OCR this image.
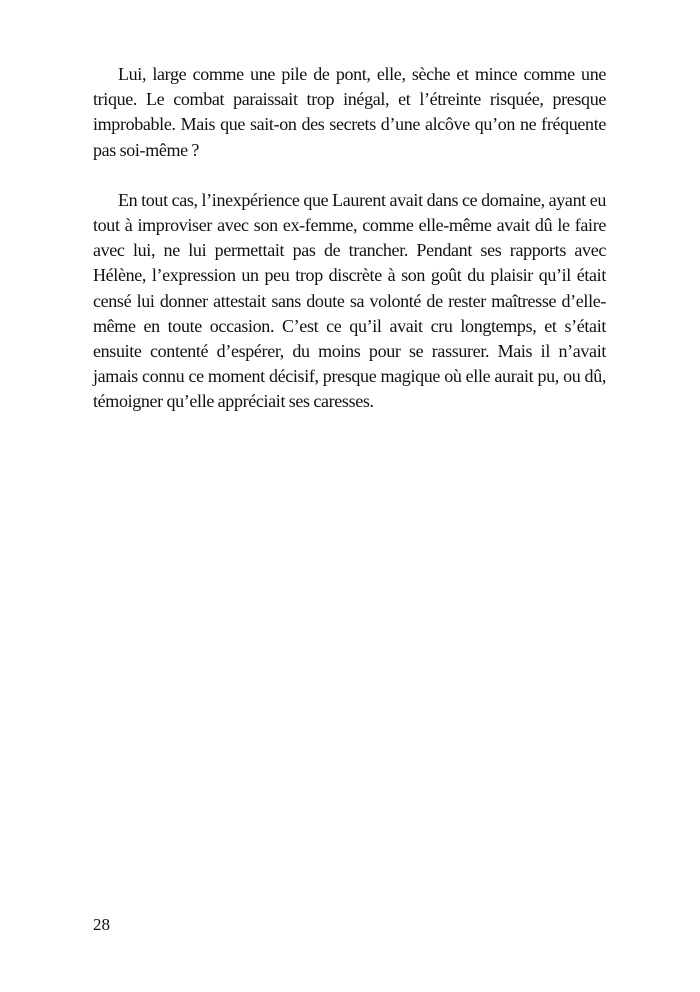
Lui, large comme une pile de pont, elle, sèche et mince comme une trique. Le combat paraissait trop inégal, et l’étreinte risquée, presque improbable. Mais que sait-on des secrets d’une alcôve qu’on ne fréquente pas soi-même ?

En tout cas, l’inexpérience que Laurent avait dans ce domaine, ayant eu tout à improviser avec son ex-femme, comme elle-même avait dû le faire avec lui, ne lui permettait pas de trancher. Pendant ses rapports avec Hélène, l’expression un peu trop discrète à son goût du plaisir qu’il était censé lui donner attestait sans doute sa volonté de rester maîtresse d’elle-même en toute occasion. C’est ce qu’il avait cru longtemps, et s’était ensuite contenté d’espérer, du moins pour se rassurer. Mais il n’avait jamais connu ce moment décisif, presque magique où elle aurait pu, ou dû, témoigner qu’elle appréciait ses caresses.

28
